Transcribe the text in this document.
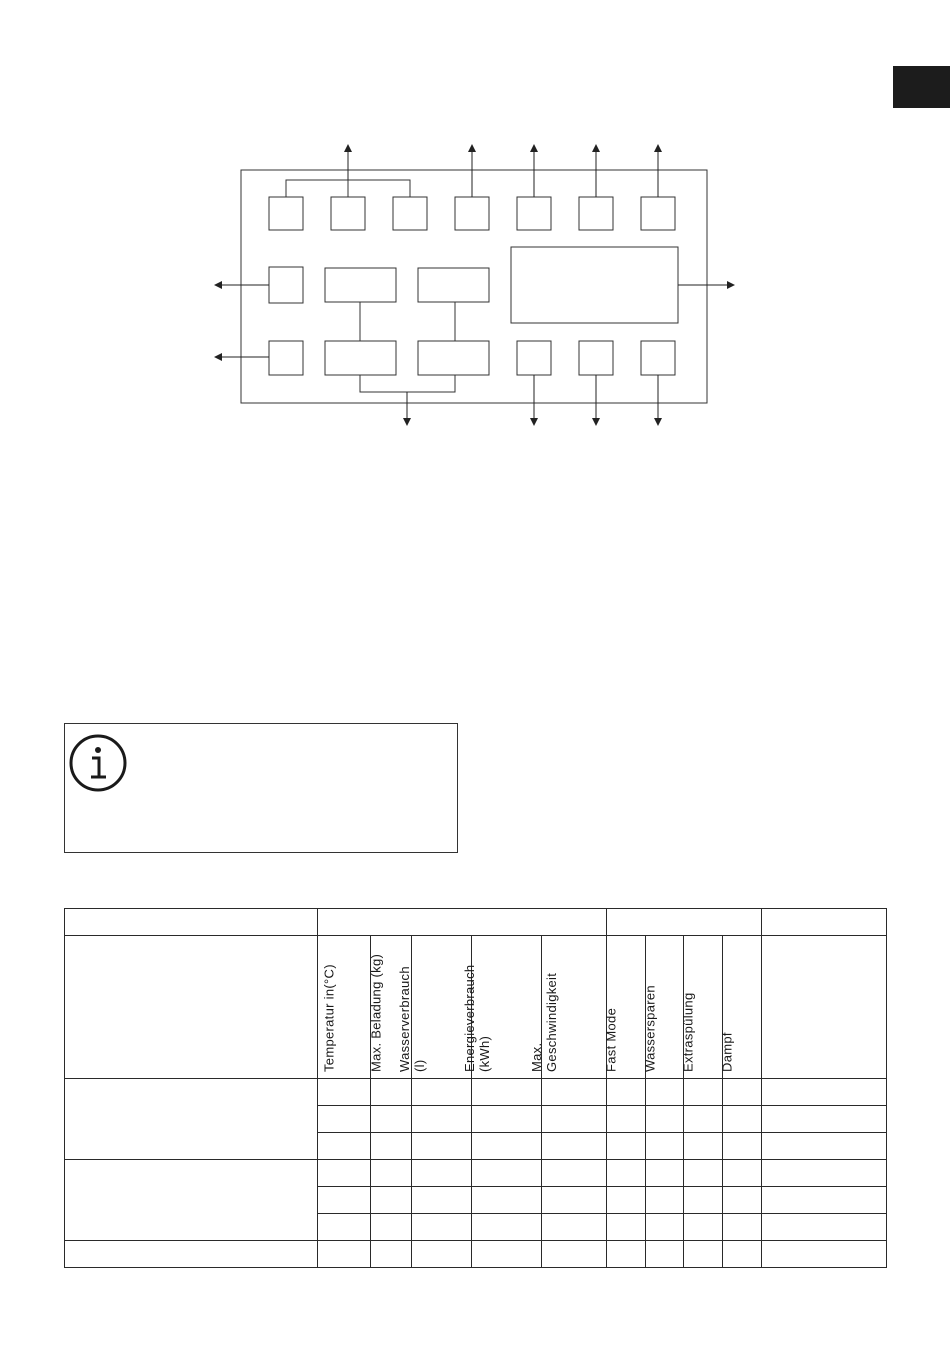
	Temperatur in(°C)	Max. Beladung (kg)	Wasserverbrauch (l)	Energieverbrauch (kWh)	Max. Geschwindigkeit	Fast Mode	Wassersparen	Extraspülung	Dampf	
